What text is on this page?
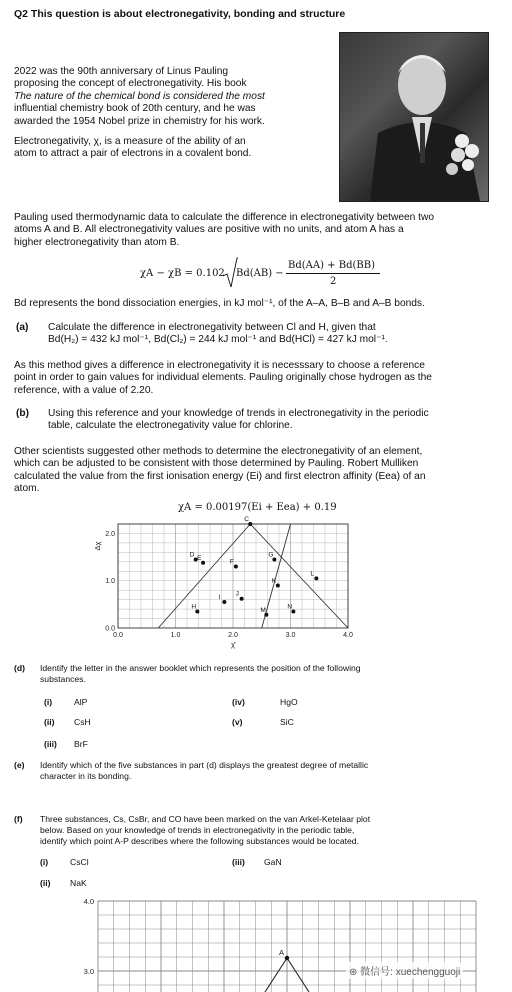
Q2 This question is about electronegativity, bonding and structure
2022 was the 90th anniversary of Linus Pauling
proposing the concept of electronegativity. His book
The nature of the chemical bond is considered the most
influential chemistry book of 20th century, and he was
awarded the 1954 Nobel prize in chemistry for his work.
Electronegativity, χ, is a measure of the ability of an
atom to attract a pair of electrons in a covalent bond.
Pauling used thermodynamic data to calculate the difference in electronegativity between two
atoms A and B. All electronegativity values are positive with no units, and atom A has a
higher electronegativity than atom B.
χA − χB = 0.102 Bd(AB) −
Bd(AA) + Bd(BB)
2
Bd represents the bond dissociation energies, in kJ mol⁻¹, of the A–A, B–B and A–B bonds.
(a) Calculate the difference in electronegativity between Cl and H, given that
Bd(H₂) = 432 kJ mol⁻¹, Bd(Cl₂) = 244 kJ mol⁻¹ and Bd(HCl) = 427 kJ mol⁻¹.
As this method gives a difference in electronegativity it is necesssary to choose a reference
point in order to gain values for individual elements. Pauling originally chose hydrogen as the
reference, with a value of 2.20.
(b) Using this reference and your knowledge of trends in electronegativity in the periodic
table, calculate the electronegativity value for chlorine.
Other scientists suggested other methods to determine the electronegativity of an element,
which can be adjusted to be consistent with those determined by Pauling. Robert Mulliken
calculated the value from the first ionisation energy (Ei) and first electron affinity (Eea) of an
atom.
χA = 0.00197(Ei + Eea) + 0.19
0.0	1.0	2.0	3.0	4.0
0.0
1.0
2.0
χ̄
Δχ
D E
F
G
C
L
K
I J
H	M	N
(d) Identify the letter in the answer booklet which represents the position of the following
substances.
(i)	AlP	(iv)	HgO
(ii) CsH	(v)	SiC
(iii) BrF
(e) Identify which of the five substances in part (d) displays the greatest degree of metallic
character in its bonding.
(f) Three substances, Cs, CsBr, and CO have been marked on the van Arkel-Ketelaar plot
below. Based on your knowledge of trends in electronegativity in the periodic table,
identify which point A-P describes where the following substances would be located.
(i)	CsCl	(iii) GaN
(ii) NaK
4.0
3.0
A
⊛ 微信号: xuechengguoji
